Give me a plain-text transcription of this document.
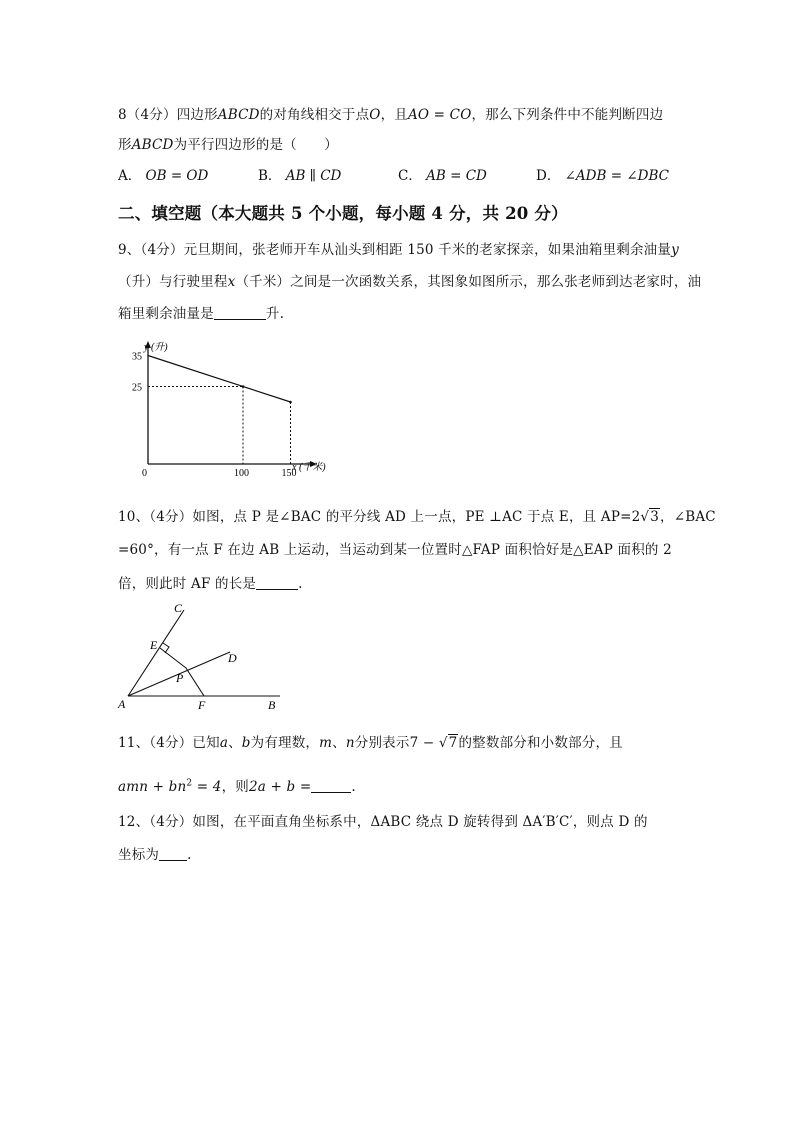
8（4分）四边形ABCD的对角线相交于点O，且AO = CO，那么下列条件中不能判断四边
形ABCD为平行四边形的是（　　）
A． OB = OD	B． AB ∥ CD	C． AB = CD	D． ∠ADB = ∠DBC
二、填空题（本大题共 5 个小题，每小题 4 分，共 20 分）
9、（4分）元旦期间，张老师开车从汕头到相距 150 千米的老家探亲，如果油箱里剩余油量y
（升）与行驶里程x（千米）之间是一次函数关系，其图象如图所示，那么张老师到达老家时，油
箱里剩余油量是	升.
y (升)
x (千米)
35
25
0	100	150
10、（4分）如图，点 P 是∠BAC 的平分线 AD 上一点，PE ⊥AC 于点 E，且 AP=2√3，∠BAC
=60°，有一点 F 在边 AB 上运动，当运动到某一位置时△FAP 面积恰好是△EAP 面积的 2
倍，则此时 AF 的长是	.
C
E
D
P
A	F	B
11、（4分）已知a、b为有理数，m、n分别表示7 − √7的整数部分和小数部分，且
amn + $bn^2 = 4$，则2a + b =	.
12、（4分）如图，在平面直角坐标系中，ΔABC 绕点 D 旋转得到 ΔA′B′C′，则点 D 的
坐标为 .
